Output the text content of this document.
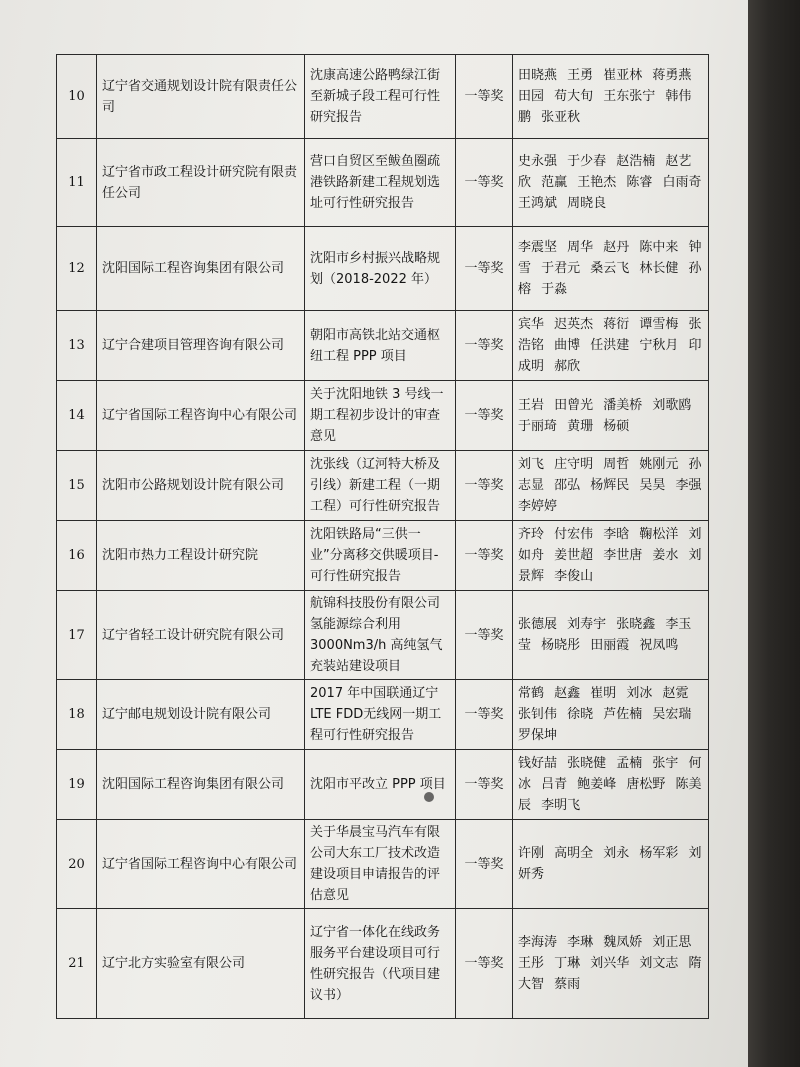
10	辽宁省交通规划设计院有限责任公司	沈康高速公路鸭绿江街至新城子段工程可行性研究报告	一等奖	田晓燕 王勇 崔亚林 蒋勇燕 田园 苟大旬 王东张宁 韩伟鹏 张亚秋
11	辽宁省市政工程设计研究院有限责任公司	营口自贸区至鲅鱼圈疏港铁路新建工程规划选址可行性研究报告	一等奖	史永强 于少春 赵浩楠 赵艺欣 范赢 王艳杰 陈睿 白雨奇 王鸿斌 周晓良
12	沈阳国际工程咨询集团有限公司	沈阳市乡村振兴战略规划（2018-2022 年）	一等奖	李震坚 周华 赵丹 陈中来 钟雪 于君元 桑云飞 林长健 孙榕 于淼
13	辽宁合建项目管理咨询有限公司	朝阳市高铁北站交通枢纽工程 PPP 项目	一等奖	宾华 迟英杰 蒋衍 谭雪梅 张浩铭 曲博 任洪建 宁秋月 印成明 郝欣
14	辽宁省国际工程咨询中心有限公司	关于沈阳地铁 3 号线一期工程初步设计的审查意见	一等奖	王岩 田曾光 潘美桥 刘歌鸥 于丽琦 黄珊 杨硕
15	沈阳市公路规划设计院有限公司	沈张线（辽河特大桥及引线）新建工程（一期工程）可行性研究报告	一等奖	刘飞 庄守明 周哲 姚刚元 孙志显 邵弘 杨辉民 吴昊 李强 李婷婷
16	沈阳市热力工程设计研究院	沈阳铁路局“三供一业”分离移交供暖项目-可行性研究报告	一等奖	齐玲 付宏伟 李晗 鞠松洋 刘如舟 姜世超 李世唐 姜水 刘景辉 李俊山
17	辽宁省轻工设计研究院有限公司	航锦科技股份有限公司氢能源综合利用3000Nm3/h 高纯氢气充装站建设项目	一等奖	张德展 刘寿宇 张晓鑫 李玉莹 杨晓彤 田丽霞 祝凤鸣
18	辽宁邮电规划设计院有限公司	2017 年中国联通辽宁LTE FDD无线网一期工程可行性研究报告	一等奖	常鹤 赵鑫 崔明 刘冰 赵霓 张钊伟 徐晓 芦佐楠 吴宏瑞 罗保坤
19	沈阳国际工程咨询集团有限公司	沈阳市平改立 PPP 项目	一等奖	钱好喆 张晓健 孟楠 张宇 何冰 吕青 鲍姜峰 唐松野 陈美辰 李明飞
20	辽宁省国际工程咨询中心有限公司	关于华晨宝马汽车有限公司大东工厂技术改造建设项目申请报告的评估意见	一等奖	许刚 高明全 刘永 杨军彩 刘妍秀
21	辽宁北方实验室有限公司	辽宁省一体化在线政务服务平台建设项目可行性研究报告（代项目建议书）	一等奖	李海涛 李琳 魏凤娇 刘正思 王彤 丁琳 刘兴华 刘文志 隋大智 蔡雨
